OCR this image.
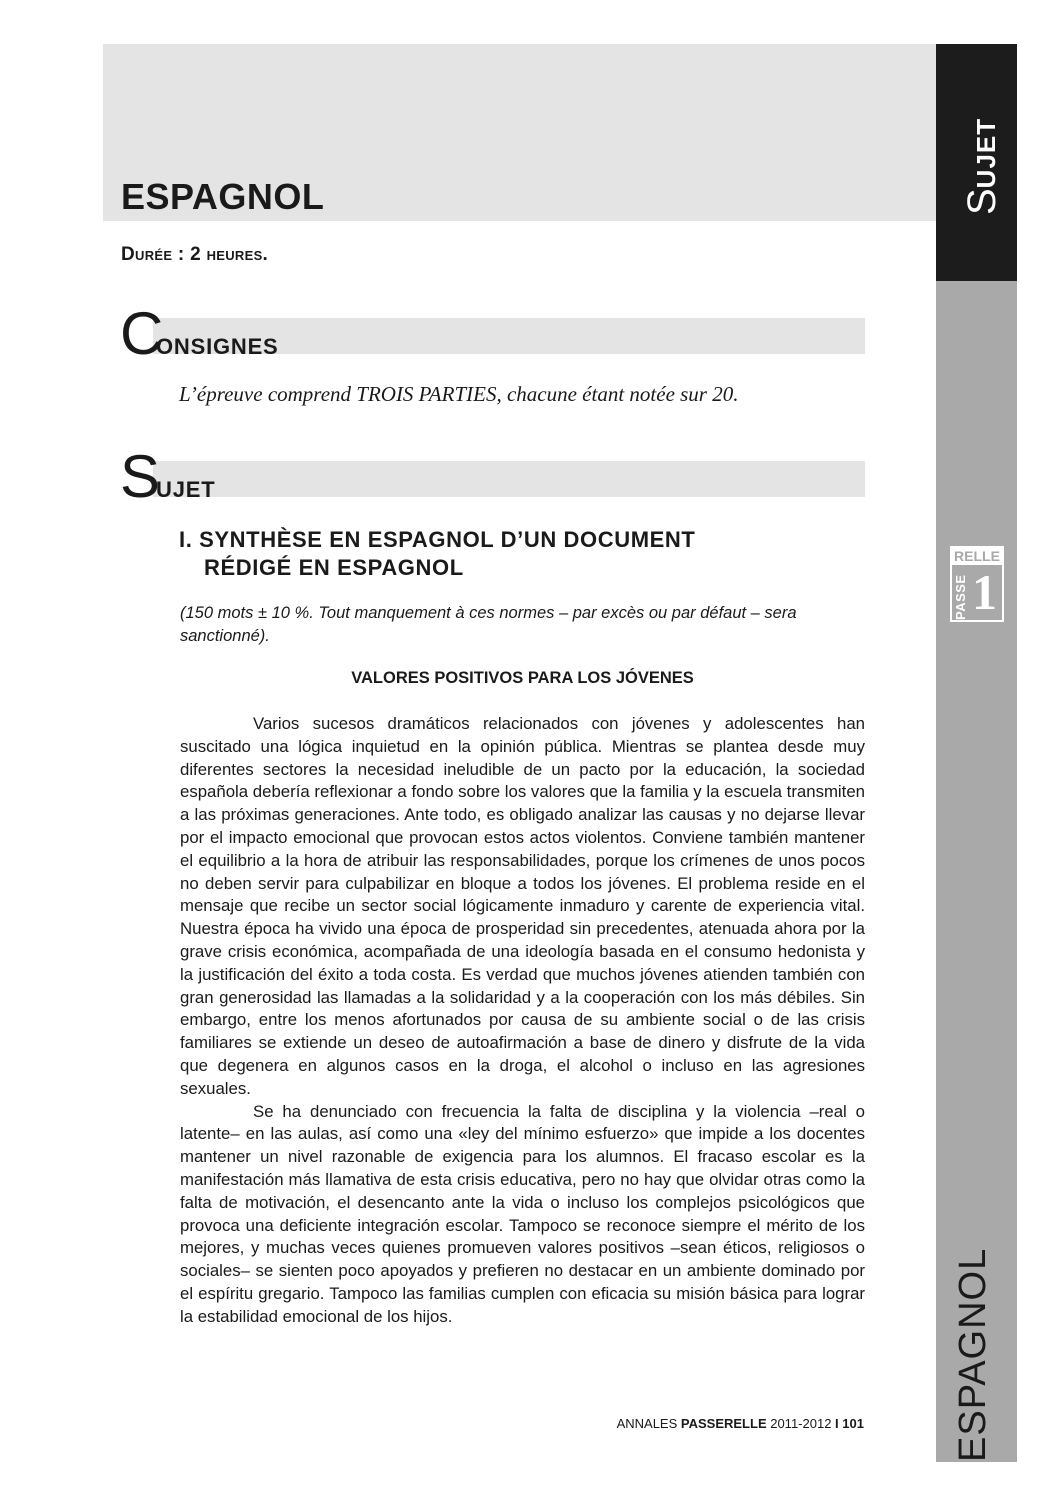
ESPAGNOL
Durée : 2 heures.
SUJET
ESPAGNOL
RELLE
PASSE 1
C
ONSIGNES
L’épreuve comprend TROIS PARTIES, chacune étant notée sur 20.
S
UJET
I. SYNTHÈSE EN ESPAGNOL D’UN DOCUMENT
RÉDIGÉ EN ESPAGNOL
(150 mots ± 10 %. Tout manquement à ces normes – par excès ou par défaut – sera sanctionné).
VALORES POSITIVOS PARA LOS JÓVENES

Varios sucesos dramáticos relacionados con jóvenes y adolescentes han suscitado una lógica inquietud en la opinión pública. Mientras se plantea desde muy diferentes sectores la necesidad ineludible de un pacto por la educación, la sociedad española debería reflexionar a fondo sobre los valores que la familia y la escuela transmiten a las próximas generaciones. Ante todo, es obligado analizar las causas y no dejarse llevar por el impacto emocional que provocan estos actos violentos. Conviene también mantener el equilibrio a la hora de atribuir las responsabilidades, porque los crímenes de unos pocos no deben servir para culpabilizar en bloque a todos los jóvenes. El problema reside en el mensaje que recibe un sector social lógicamente inmaduro y carente de experiencia vital. Nuestra época ha vivido una época de prosperidad sin precedentes, atenuada ahora por la grave crisis económica, acompañada de una ideología basada en el consumo hedonista y la justificación del éxito a toda costa. Es verdad que muchos jóvenes atienden también con gran generosidad las llamadas a la solidaridad y a la cooperación con los más débiles. Sin embargo, entre los menos afortunados por causa de su ambiente social o de las crisis familiares se extiende un deseo de autoafirmación a base de dinero y disfrute de la vida que degenera en algunos casos en la droga, el alcohol o incluso en las agresiones sexuales.

Se ha denunciado con frecuencia la falta de disciplina y la violencia –real o latente– en las aulas, así como una «ley del mínimo esfuerzo» que impide a los docentes mantener un nivel razonable de exigencia para los alumnos. El fracaso escolar es la manifestación más llamativa de esta crisis educativa, pero no hay que olvidar otras como la falta de motivación, el desencanto ante la vida o incluso los complejos psicológicos que provoca una deficiente integración escolar. Tampoco se reconoce siempre el mérito de los mejores, y muchas veces quienes promueven valores positivos –sean éticos, religiosos o sociales– se sienten poco apoyados y prefieren no destacar en un ambiente dominado por el espíritu gregario. Tampoco las familias cumplen con eficacia su misión básica para lograr la estabilidad emocional de los hijos.

ANNALES PASSERELLE 2011-2012 I 101
